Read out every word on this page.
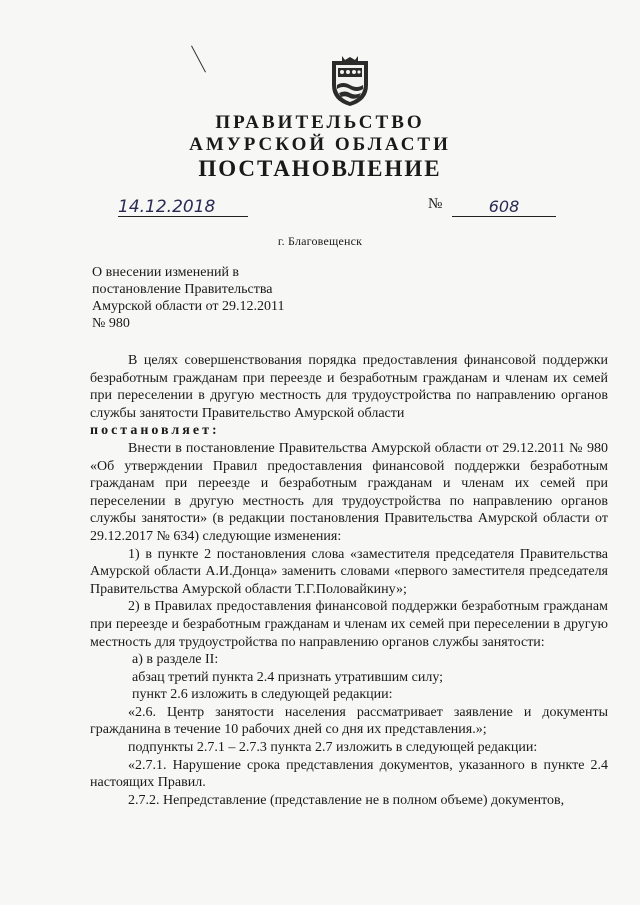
ПРАВИТЕЛЬСТВО
АМУРСКОЙ ОБЛАСТИ
ПОСТАНОВЛЕНИЕ
14.12.2018	№	608
г. Благовещенск
О внесении изменений в
постановление Правительства
Амурской области от 29.12.2011
№ 980

В целях совершенствования порядка предоставления финансовой поддержки безработным гражданам при переезде и безработным гражданам и членам их семей при переселении в другую местность для трудоустройства по направлению органов службы занятости Правительство Амурской области

постановляет:

Внести в постановление Правительства Амурской области от 29.12.2011 № 980 «Об утверждении Правил предоставления финансовой поддержки безработным гражданам при переезде и безработным гражданам и членам их семей при переселении в другую местность для трудоустройства по направлению органов службы занятости» (в редакции постановления Правительства Амурской области от 29.12.2017 № 634) следующие изменения:

1) в пункте 2 постановления слова «заместителя председателя Правительства Амурской области А.И.Донца» заменить словами «первого заместителя председателя Правительства Амурской области Т.Г.Половайкину»;

2) в Правилах предоставления финансовой поддержки безработным гражданам при переезде и безработным гражданам и членам их семей при переселении в другую местность для трудоустройства по направлению органов службы занятости:

а) в разделе II:

абзац третий пункта 2.4 признать утратившим силу;

пункт 2.6 изложить в следующей редакции:

«2.6. Центр занятости населения рассматривает заявление и документы гражданина в течение 10 рабочих дней со дня их представления.»;

подпункты 2.7.1 – 2.7.3 пункта 2.7 изложить в следующей редакции:

«2.7.1. Нарушение срока представления документов, указанного в пункте 2.4 настоящих Правил.

2.7.2. Непредставление (представление не в полном объеме) документов,
